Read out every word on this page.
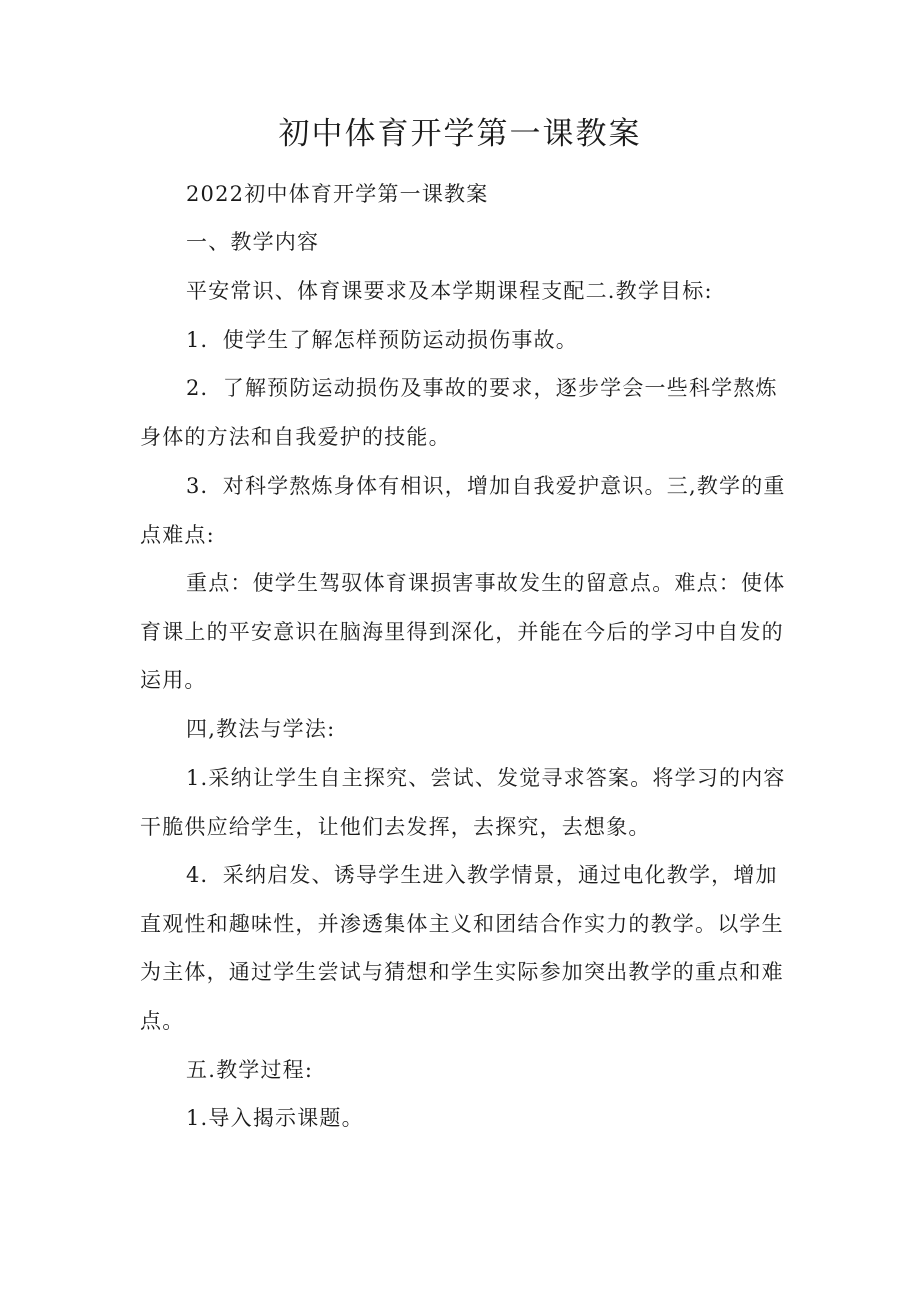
初中体育开学第一课教案

2022初中体育开学第一课教案

一、教学内容

平安常识、体育课要求及本学期课程支配二.教学目标:

1．使学生了解怎样预防运动损伤事故。

2．了解预防运动损伤及事故的要求，逐步学会一些科学熬炼身体的方法和自我爱护的技能。

3．对科学熬炼身体有相识，增加自我爱护意识。三,教学的重点难点:

重点：使学生驾驭体育课损害事故发生的留意点。难点：使体育课上的平安意识在脑海里得到深化，并能在今后的学习中自发的运用。

四,教法与学法:

1.采纳让学生自主探究、尝试、发觉寻求答案。将学习的内容干脆供应给学生，让他们去发挥，去探究，去想象。

4．采纳启发、诱导学生进入教学情景，通过电化教学，增加直观性和趣味性，并渗透集体主义和团结合作实力的教学。以学生为主体，通过学生尝试与猜想和学生实际参加突出教学的重点和难点。

五.教学过程:

1.导入揭示课题。
